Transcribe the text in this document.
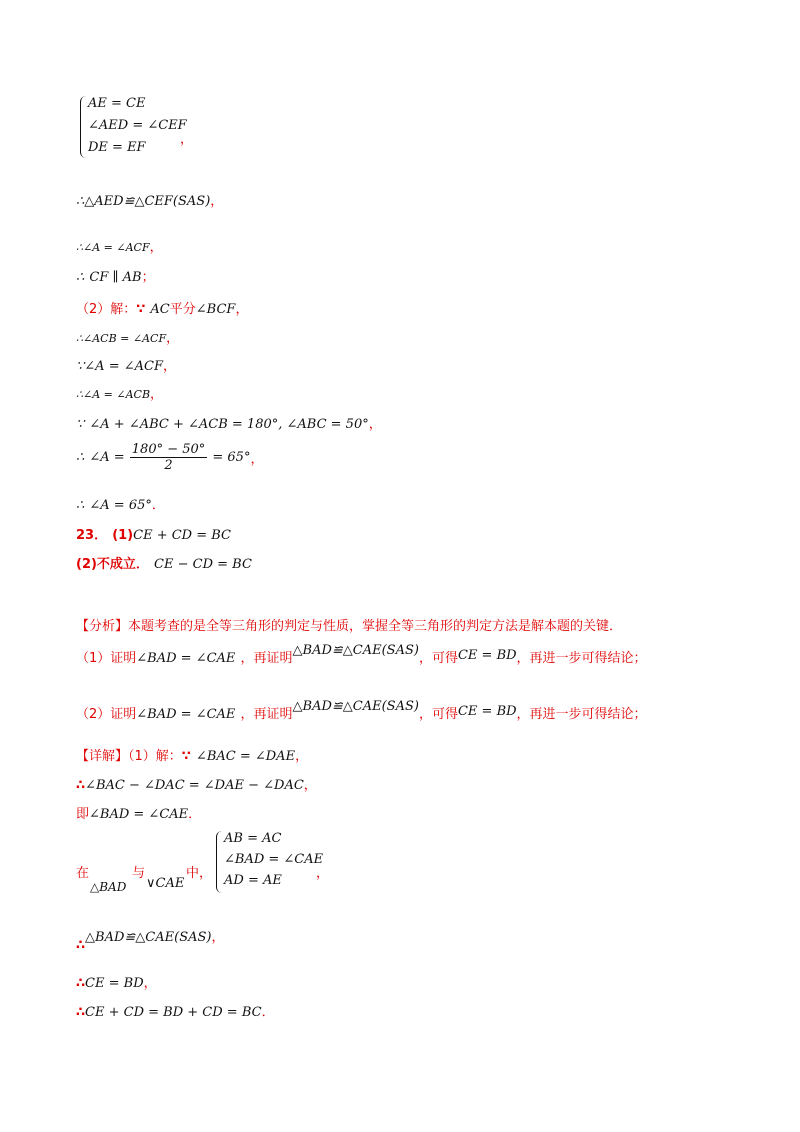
AE = CE
∠AED = ∠CEF
DE = EF
，
∴△AED≌△CEF(SAS)，
∴∠A = ∠ACF，
∴ CF ∥ AB；
（2）解：∵ AC平分∠BCF，
∴∠ACB = ∠ACF，
∵∠A = ∠ACF，
∴∠A = ∠ACB，
∵ ∠A + ∠ABC + ∠ACB = 180°, ∠ABC = 50°，
∴ ∠A = $\frac{180^\circ - 50^\circ}{2} = 65^\circ$，
∴ ∠A = 65°．
23． (1)CE + CD = BC
(2)不成立． CE − CD = BC
【分析】本题考查的是全等三角形的判定与性质，掌握全等三角形的判定方法是解本题的关键．
（1）证明∠BAD = ∠CAE ，再证明$^{\triangle BAD≌\triangle CAE(SAS)}$，可得CE = BD，再进一步可得结论；
（2）证明∠BAD = ∠CAE ，再证明$^{\triangle BAD≌\triangle CAE(SAS)}$，可得CE = BD，再进一步可得结论；
【详解】（1）解：∵ ∠BAC = ∠DAE，
∴∠BAC − ∠DAC = ∠DAE − ∠DAC，
即∠BAD = ∠CAE．
在
△BAD
与
∨CAE
中，
AB = AC
∠BAD = ∠CAE
AD = AE	，
$_\therefore$△BAD≌△CAE(SAS)，
∴CE = BD，
∴CE + CD = BD + CD = BC．
